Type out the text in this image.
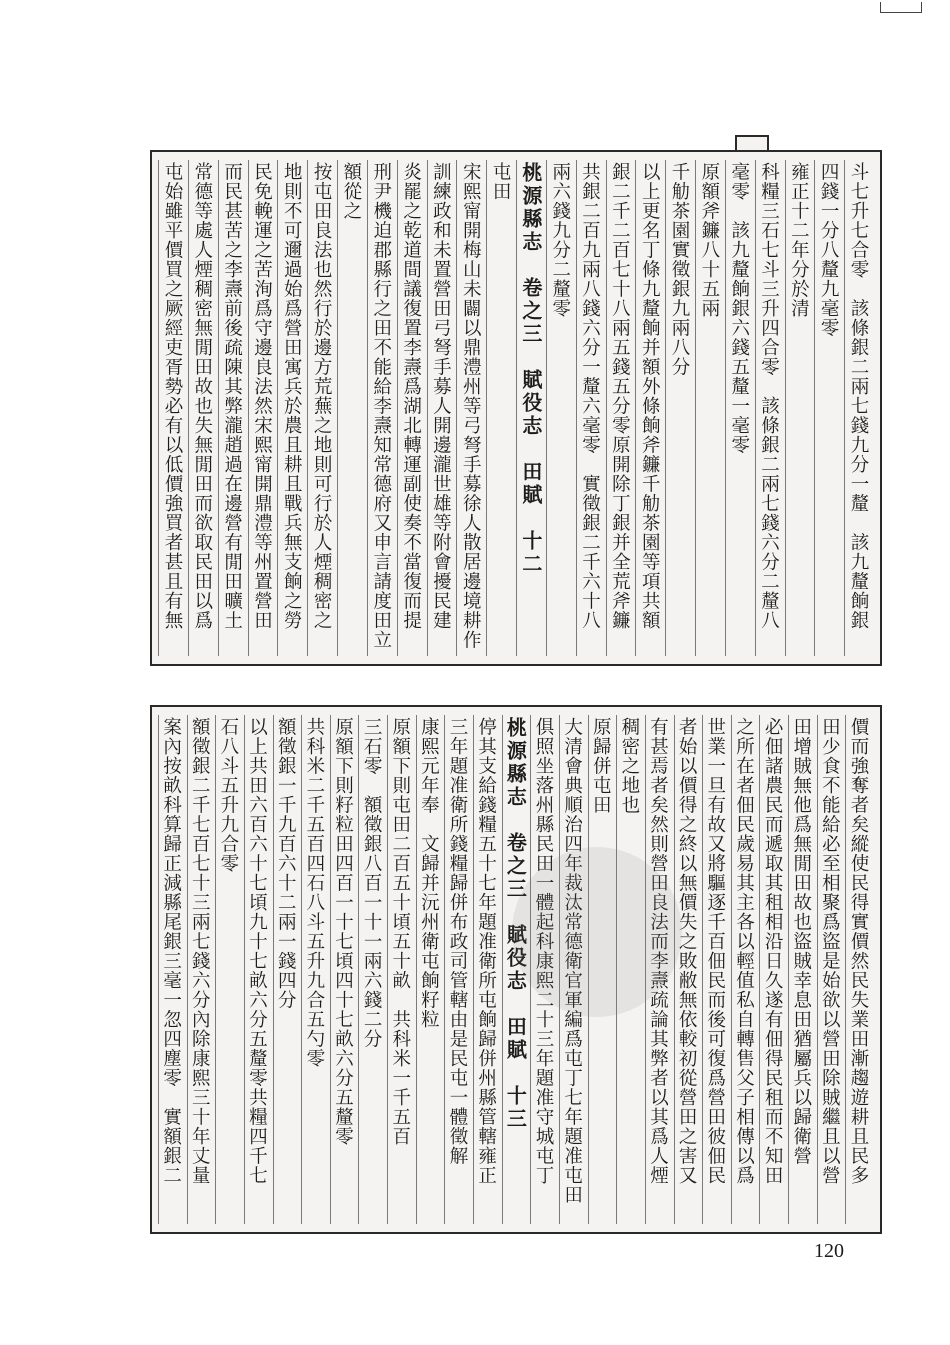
斗七升七合零　該條銀二兩七錢九分一釐　該九釐餉銀
四錢一分八釐九毫零
雍正十二年分於清
科糧三石七斗三升四合零　該條銀二兩七錢六分二釐八
毫零　該九釐餉銀六錢五釐一毫零
原額斧鐮八十五兩
千觔茶園實徵銀九兩八分
以上更名丁條九釐餉并額外條餉斧鐮千觔茶園等項共額
銀二千二百七十八兩五錢五分零原開除丁銀并全荒斧鐮
共銀二百九兩八錢六分一釐六毫零　實徵銀二千六十八
兩六錢九分二釐零
桃源縣志　卷之三　賦役志　田賦　十二
屯田
宋熙甯開梅山未闢以鼎澧州等弓弩手募徐人散居邊境耕作
訓練政和未置營田弓弩手募人開邊瀧世雄等附會擾民建
炎罷之乾道間議復置李燾爲湖北轉運副使奏不當復而提
刑尹機迫郡縣行之田不能給李燾知常德府又申言請度田立
額從之
按屯田良法也然行於邊方荒蕪之地則可行於人煙稠密之
地則不可邇過始爲營田寓兵於農且耕且戰兵無支餉之勞
民免輓運之苦洵爲守邊良法然宋熙甯開鼎澧等州置營田
而民甚苦之李燾前後疏陳其弊瀧趙過在邊營有閒田曠土
常德等處人煙稠密無閒田故也失無閒田而欲取民田以爲
屯始雖平價買之厥經吏胥勢必有以低價強買者甚且有無
價而強奪者矣縱使民得實價然民失業田漸趨遊耕且民多
田少食不能給必至相聚爲盜是始欲以營田除賊繼且以營
田增賊無他爲無閒田故也盜賊幸息田猶屬兵以歸衛營
必佃諸農民而遞取其租相沿日久遂有佃得民租而不知田
之所在者佃民歲易其主各以輕值私自轉售父子相傳以爲
世業一旦有故又將驅逐千百佃民而後可復爲營田彼佃民
者始以價得之終以無價失之敗敝無依較初從營田之害又
有甚焉者矣然則營田良法而李燾疏論其弊者以其爲人煙
稠密之地也
原歸併屯田
大清會典順治四年裁汰常德衛官軍編爲屯丁七年題准屯田
俱照坐落州縣民田一體起科康熙二十三年題准守城屯丁
桃源縣志　卷之三　賦役志　田賦　十三
停其支給錢糧五十七年題准衛所屯餉歸併州縣管轄雍正
三年題准衛所錢糧歸併布政司管轄由是民屯一體徵解
康熙元年奉　文歸并沅州衛屯餉籽粒
原額下則屯田二百五十頃五十畝　共科米一千五百
三石零　額徵銀八百一十一兩六錢二分
原額下則籽粒田四百一十七頃四十七畝六分五釐零
共科米二千五百四石八斗五升九合五勺零
額徵銀一千九百六十二兩一錢四分
以上共田六百六十七頃九十七畝六分五釐零共糧四千七
石八斗五升九合零
額徵銀二千七百七十三兩七錢六分內除康熙三十年丈量
案內按畝科算歸正減縣尾銀三毫一忽四塵零　實額銀二
120
